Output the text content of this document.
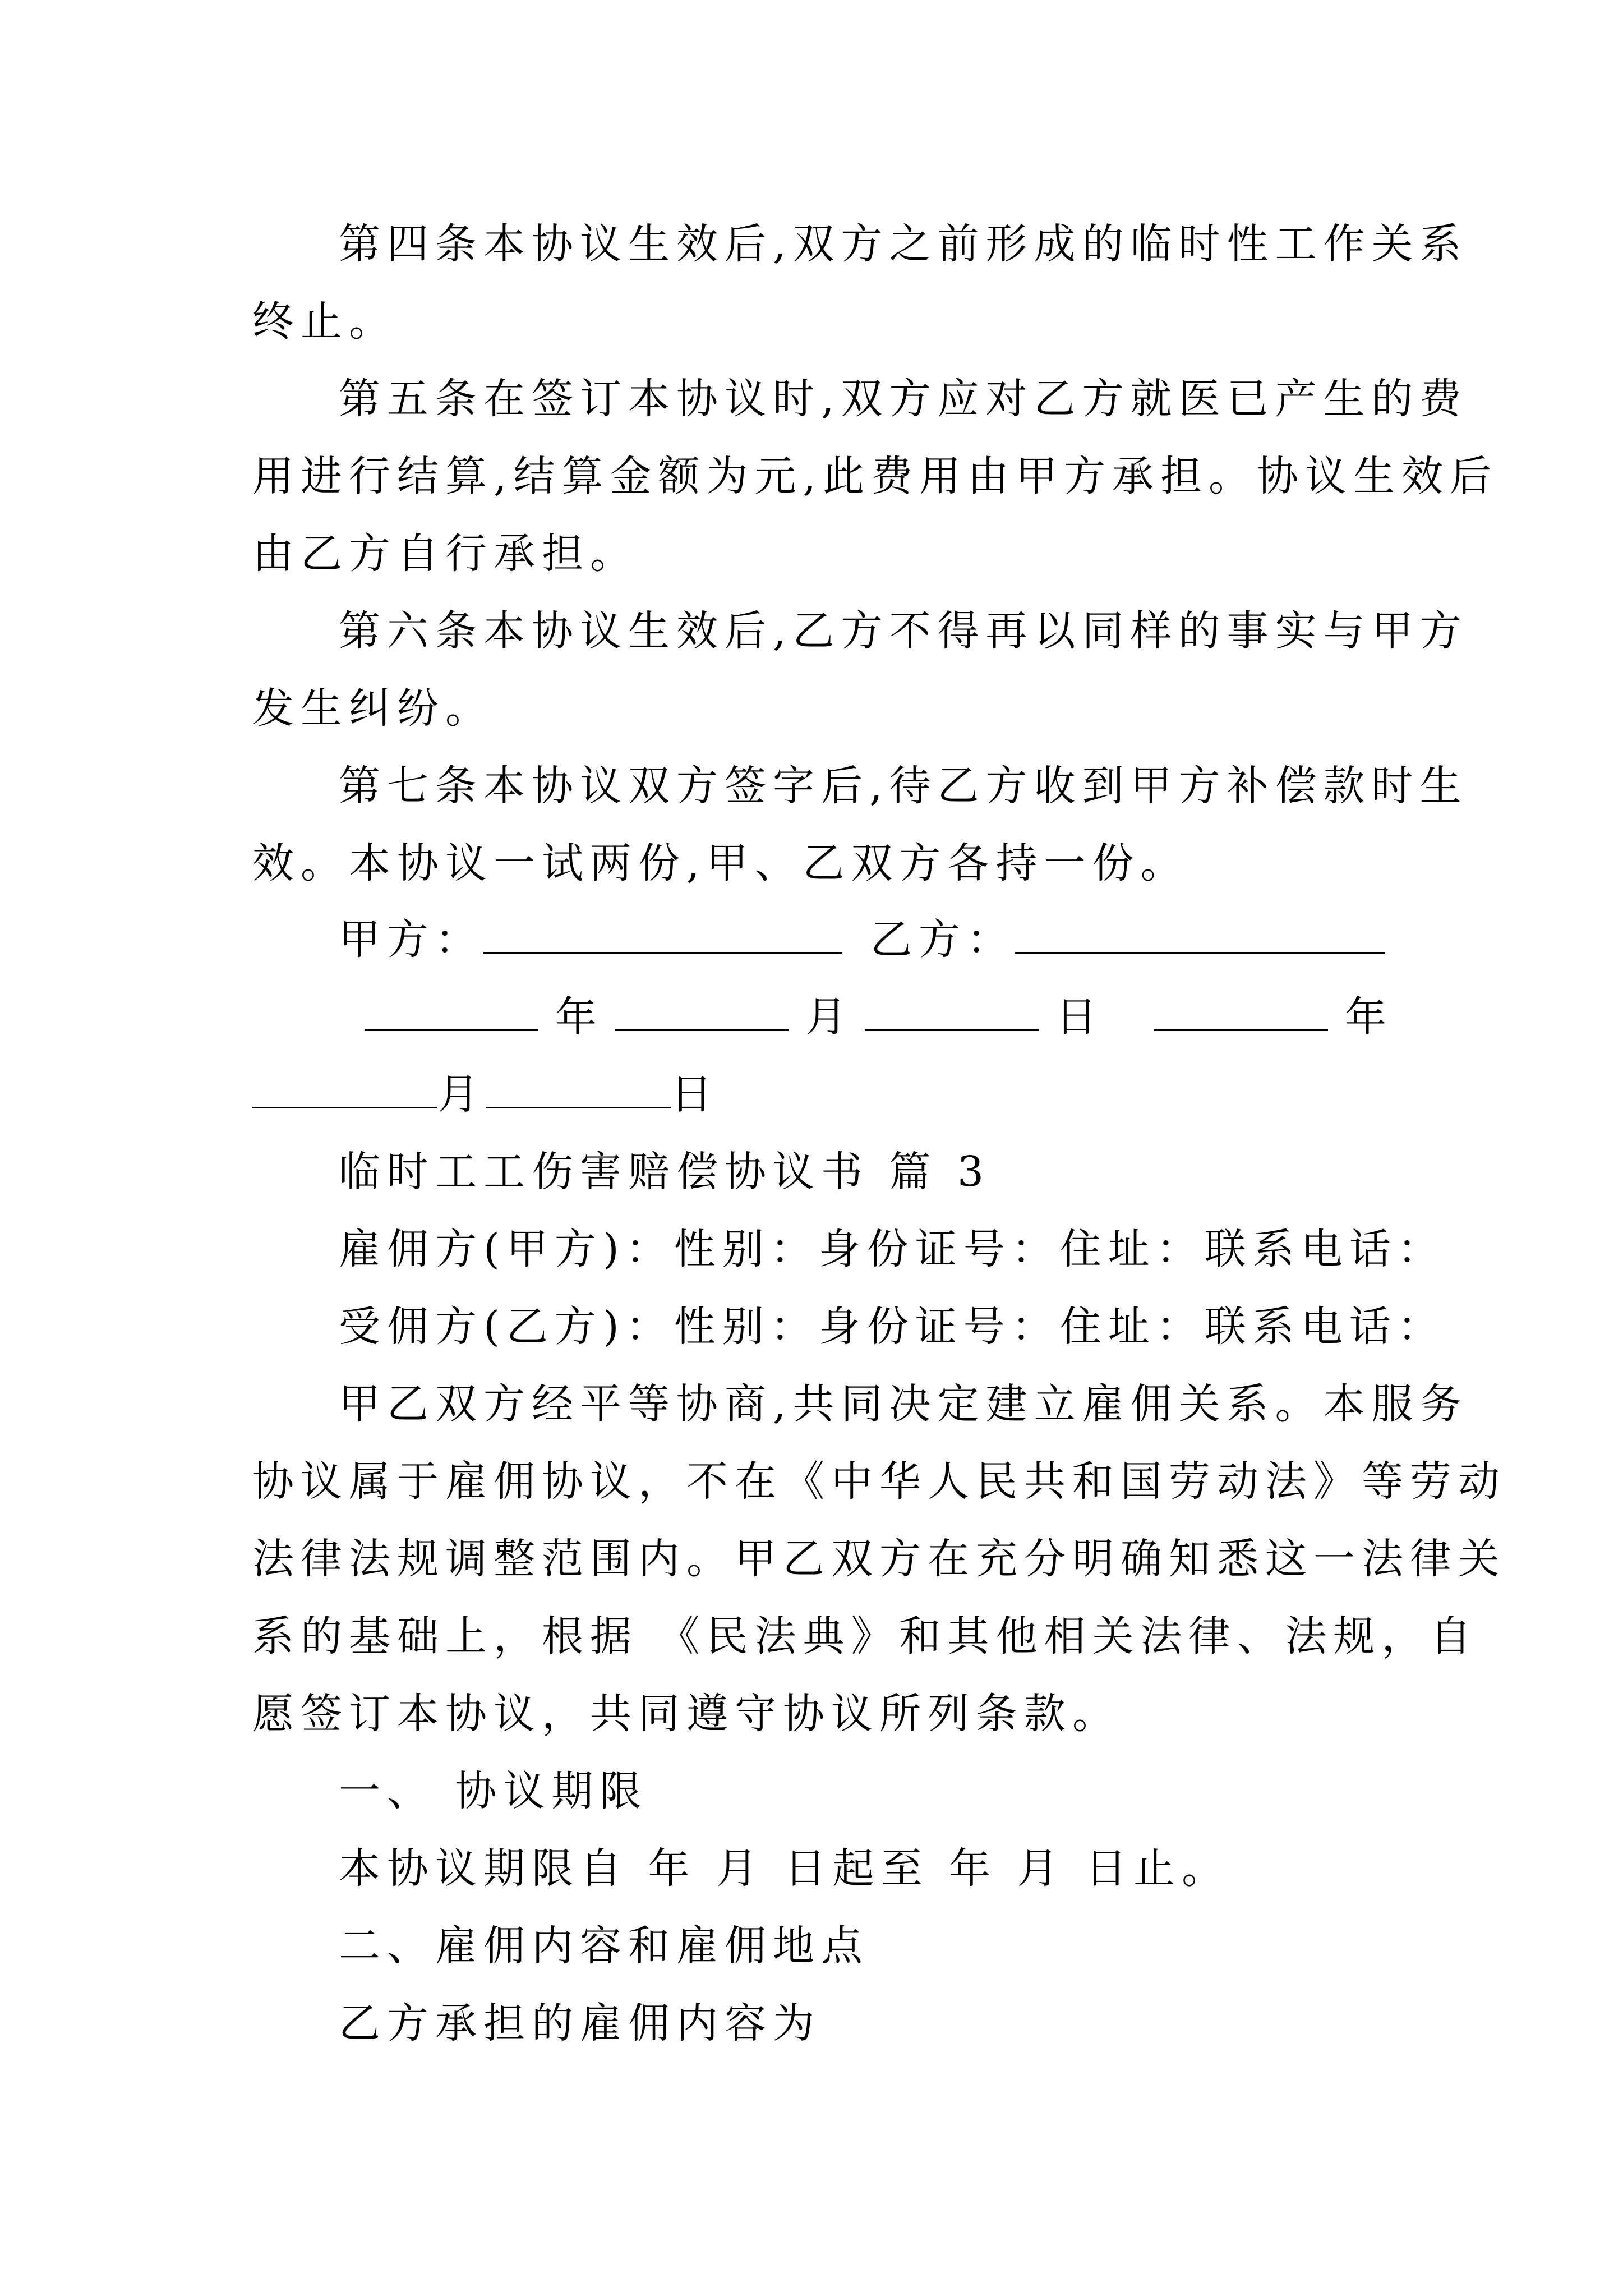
第四条本协议生效后,双方之前形成的临时性工作关系
终止。
第五条在签订本协议时,双方应对乙方就医已产生的费
用进行结算,结算金额为元,此费用由甲方承担。协议生效后
由乙方自行承担。
第六条本协议生效后,乙方不得再以同样的事实与甲方
发生纠纷。
第七条本协议双方签字后,待乙方收到甲方补偿款时生
效。本协议一试两份,甲、乙双方各持一份。
甲方：	乙方：
年	月	日	年
月	日
临时工工伤害赔偿协议书 篇 3
雇佣方(甲方)：性别：身份证号：住址：联系电话：
受佣方(乙方)：性别：身份证号：住址：联系电话：
甲乙双方经平等协商,共同决定建立雇佣关系。本服务
协议属于雇佣协议，不在《中华人民共和国劳动法》等劳动
法律法规调整范围内。甲乙双方在充分明确知悉这一法律关
系的基础上，根据 《民法典》和其他相关法律、法规，自
愿签订本协议，共同遵守协议所列条款。
一、 协议期限
本协议期限自 年 月 日起至 年 月 日止。
二、雇佣内容和雇佣地点
乙方承担的雇佣内容为
